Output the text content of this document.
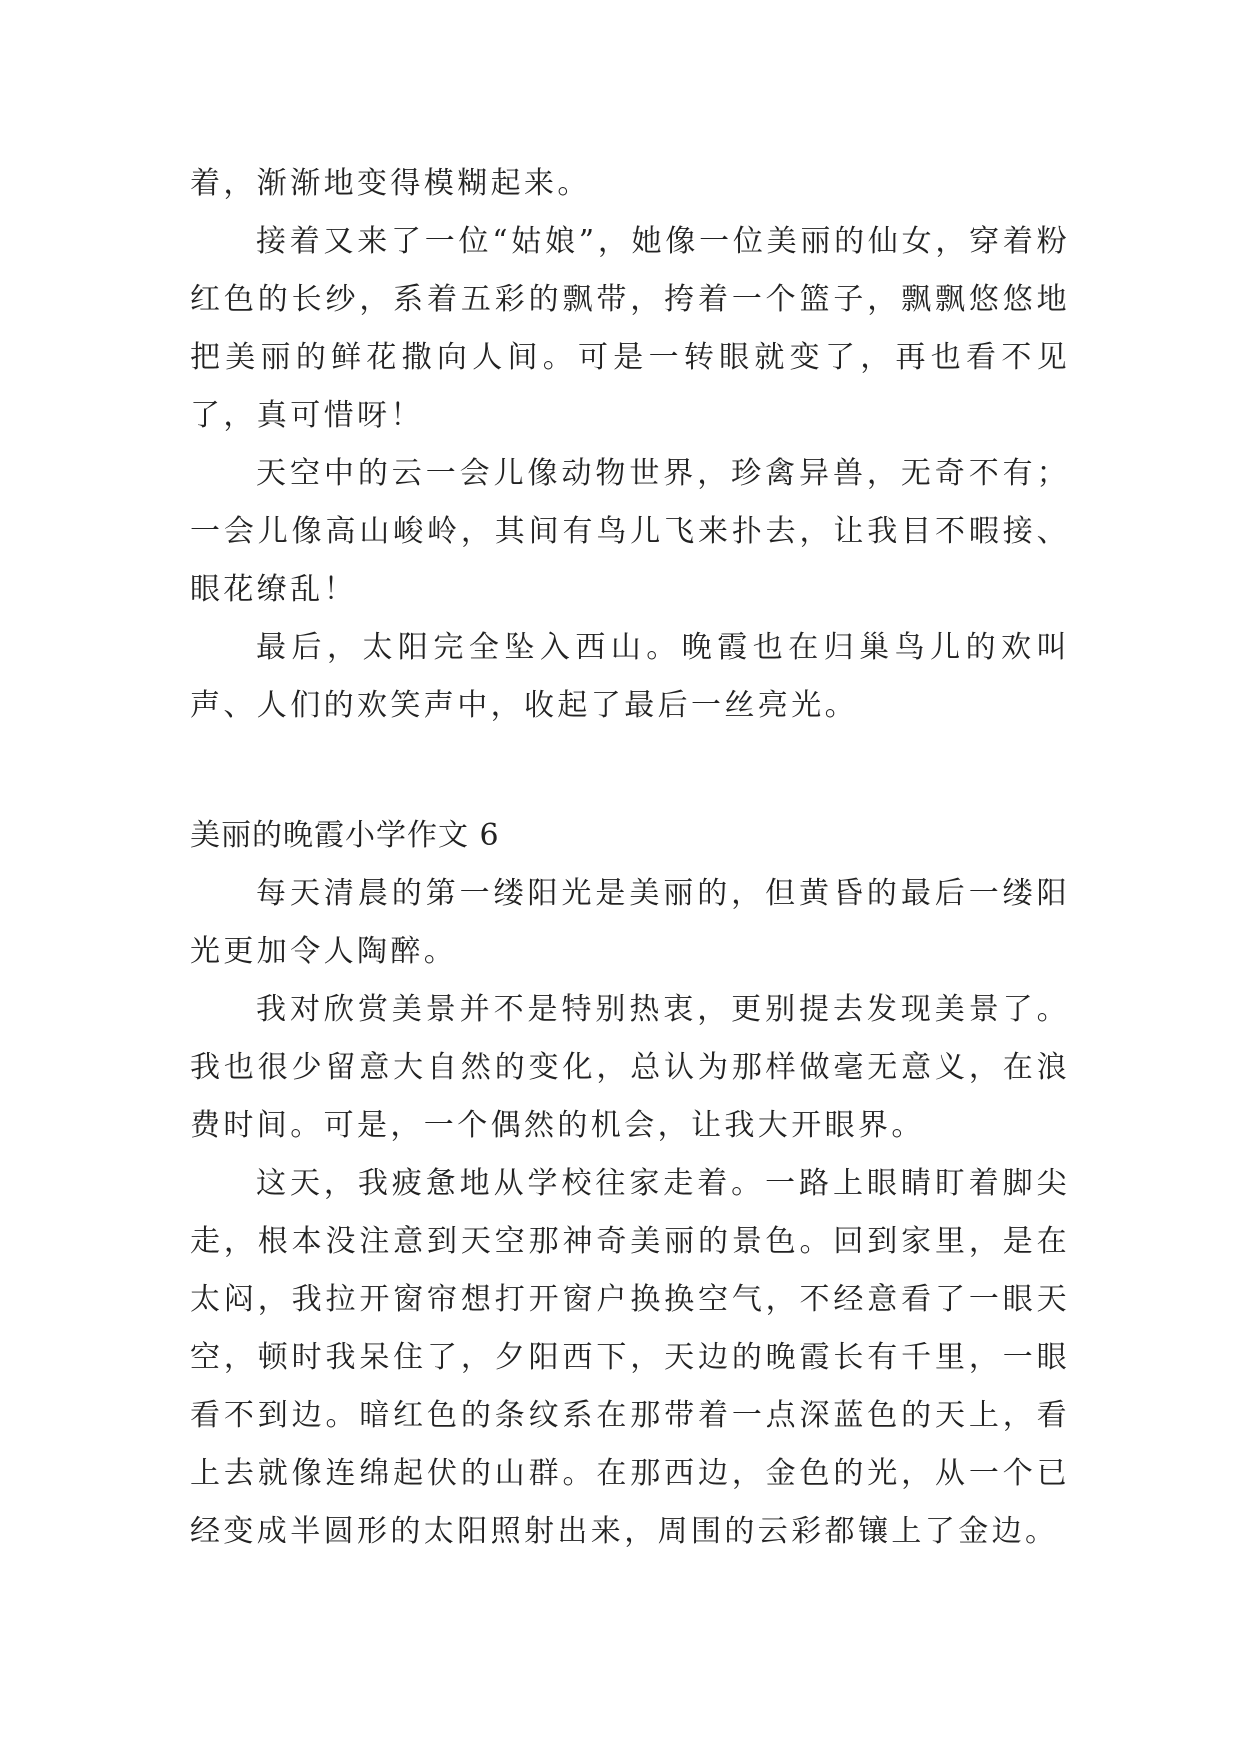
着，渐渐地变得模糊起来。

接着又来了一位“姑娘”，她像一位美丽的仙女，穿着粉红色的长纱，系着五彩的飘带，挎着一个篮子，飘飘悠悠地把美丽的鲜花撒向人间。可是一转眼就变了，再也看不见了，真可惜呀！

天空中的云一会儿像动物世界，珍禽异兽，无奇不有；一会儿像高山峻岭，其间有鸟儿飞来扑去，让我目不暇接、眼花缭乱！

最后，太阳完全坠入西山。晚霞也在归巢鸟儿的欢叫声、人们的欢笑声中，收起了最后一丝亮光。

美丽的晚霞小学作文 6

每天清晨的第一缕阳光是美丽的，但黄昏的最后一缕阳光更加令人陶醉。

我对欣赏美景并不是特别热衷，更别提去发现美景了。我也很少留意大自然的变化，总认为那样做毫无意义，在浪费时间。可是，一个偶然的机会，让我大开眼界。

这天，我疲惫地从学校往家走着。一路上眼睛盯着脚尖走，根本没注意到天空那神奇美丽的景色。回到家里，是在太闷，我拉开窗帘想打开窗户换换空气，不经意看了一眼天空，顿时我呆住了，夕阳西下，天边的晚霞长有千里，一眼看不到边。暗红色的条纹系在那带着一点深蓝色的天上，看上去就像连绵起伏的山群。在那西边，金色的光，从一个已经变成半圆形的太阳照射出来，周围的云彩都镶上了金边。
